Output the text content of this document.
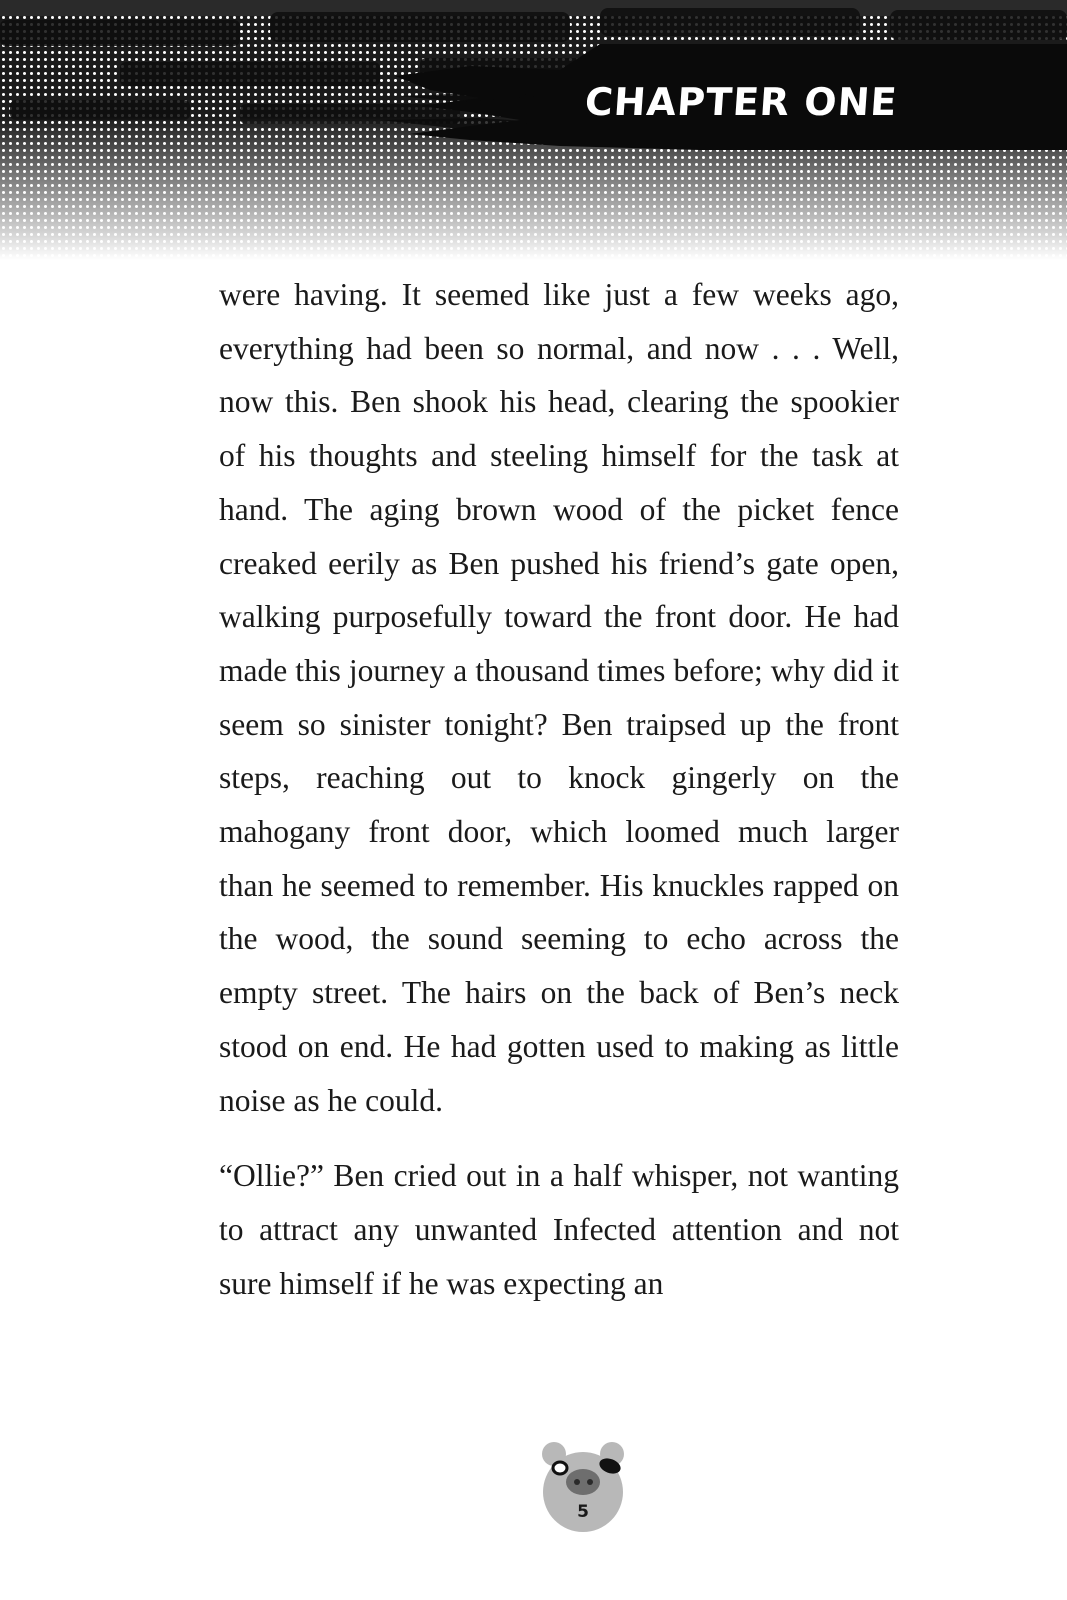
CHAPTER ONE

were having. It seemed like just a few weeks ago, everything had been so normal, and now . . . Well, now this. Ben shook his head, clearing the spookier of his thoughts and steeling himself for the task at hand. The aging brown wood of the picket fence creaked eerily as Ben pushed his friend’s gate open, walking purposefully toward the front door. He had made this journey a thousand times before; why did it seem so sinister tonight? Ben traipsed up the front steps, reaching out to knock gingerly on the mahogany front door, which loomed much larger than he seemed to remember. His knuckles rapped on the wood, the sound seeming to echo across the empty street. The hairs on the back of Ben’s neck stood on end. He had gotten used to making as little noise as he could.

“Ollie?” Ben cried out in a half whisper, not wanting to attract any unwanted Infected attention and not sure himself if he was expecting an

5
